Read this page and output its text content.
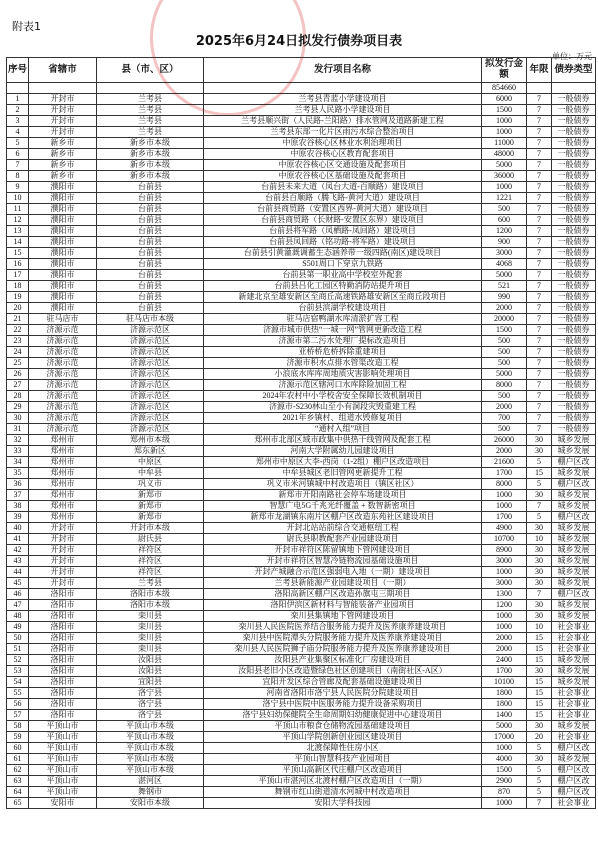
附表1
2025年6月24日拟发行债券项目表
单位：万元
序号	省辖市	县（市、区）	发行项目名称	拟发行金额	年限	债券类型
				854660		
1	开封市	兰考县	兰考县青蓝小学建设项目	6000	7	一般债券
2	开封市	兰考县	兰考县人民路小学建设项目	1500	7	一般债券
3	开封市	兰考县	兰考县顺兴街（人民路-兰阳路）排水管网及道路新建工程	1000	7	一般债券
4	开封市	兰考县	兰考县东部一化片区雨污水综合整治项目	1000	7	一般债券
5	新乡市	新乡市本级	中原农谷核心区林业水利治理项目	11000	7	一般债券
6	新乡市	新乡市本级	中原农谷核心区教育配套项目	48000	7	一般债券
7	新乡市	新乡市本级	中原农谷核心区交通设施及配套项目	5000	7	一般债券
8	新乡市	新乡市本级	中原农谷核心区基础设施及配套项目	36000	7	一般债券
9	濮阳市	台前县	台前县未来大道（凤台大道-百顺路）建设项目	1000	7	一般债券
10	濮阳市	台前县	台前县百顺路（腾飞路-黄河大道）建设项目	1221	7	一般债券
11	濮阳市	台前县	台前县商贸路（安置区西界-黄河大道）建设项目	500	7	一般债券
12	濮阳市	台前县	台前县商贸路（长财路-安置区东界）建设项目	600	7	一般债券
13	濮阳市	台前县	台前县将军路（凤栖路-凤回路）建设项目	1200	7	一般债券
14	濮阳市	台前县	台前县凤回路（铭功路-将军路）建设项目	900	7	一般债券
15	濮阳市	台前县	台前县引黄灌溉调蓄生态涵养带一级四路(南区)建设项目	3000	7	一般债券
16	濮阳市	台前县	S501周口下穿京九铁路	4068	7	一般债券
17	濮阳市	台前县	台前县第一职业高中学校室外配套	5000	7	一般债券
18	濮阳市	台前县	台前县吕化工园区特勤消防站提升项目	521	7	一般债券
19	濮阳市	台前县	新建北京至雄安新区至商丘高速铁路雄安新区至商丘段项目	990	7	一般债券
20	濮阳市	台前县	台前县滨湖学校建设项目	2000	7	一般债券
21	驻马店市	驻马店市本级	驻马店宿鸭湖水库清淤扩容工程	20000	7	一般债券
22	济源示范	济源示范区	济源市城市供热“一城一网”管网更新改造工程	1500	7	一般债券
23	济源示范	济源示范区	济源市第二污水处理厂提标改造项目	500	7	一般债券
24	济源示范	济源示范区	亚桥桥危桥拆除重建项目	500	7	一般债券
25	济源示范	济源示范区	济源市积水点排水管渠改造工程	500	7	一般债券
26	济源示范	济源示范区	小浪底水库库周地质灾害影响处理项目	5000	7	一般债券
27	济源示范	济源示范区	济源示范区辖河口水库除险加固工程	8000	7	一般债券
28	济源示范	济源示范区	2024年农村中小学校舍安全保障长效机制项目	500	7	一般债券
29	济源示范	济源示范区	济源市-S230林山至小有洞段灾毁重建工程	2000	7	一般债券
30	济源示范	济源示范区	2021年乡镇村、组道水毁修复项目	700	7	一般债券
31	济源示范	济源示范区	“通村入组”项目	500	7	一般债券
32	郑州市	郑州市本级	郑州市北部区域市政集中供热干线管网及配套工程	26000	30	城乡发展
33	郑州市	郑东新区	河南大学附属幼儿园建设项目	2000	30	城乡发展
34	郑州市	中原区	郑州市中原区大李-西岗（1-2组）棚户区改造项目	21600	5	棚户区改
35	郑州市	中牟县	中牟县城区老旧管网更新提升工程	1700	15	城乡发展
36	郑州市	巩义市	巩义市米河镇城中村改造项目（镇区社区）	8000	5	棚户区改
37	郑州市	新郑市	新郑市开阳南路社会停车场建设项目	1000	30	城乡发展
38	郑州市	新郑市	智慧广电5G千兆光纤覆盖 + 数智新密项目	1000	7	城乡发展
39	郑州市	新郑市	新郑市龙湖镇东南片区棚户区改造东苑社区建设项目	1700	5	棚户区改
40	开封市	开封市本级	开封北站站前综合交通枢纽工程	4900	30	城乡发展
41	开封市	尉氏县	尉氏县职教配套产业园建设项目	10700	10	城乡发展
42	开封市	祥符区	开封市祥符区陈留镇地下管网建设项目	8900	30	城乡发展
43	开封市	祥符区	开封市祥符区智慧冷链物流园基础设施项目	3000	30	城乡发展
44	开封市	祥符区	开封产城融合示范区强弱电入地（一期）建设项目	1000	30	城乡发展
45	开封市	兰考县	兰考县新能源产业园建设项目（一期）	3000	30	城乡发展
46	洛阳市	洛阳市本级	洛阳高新区棚户区改造孙旗屯三期项目	1300	7	棚户区改
47	洛阳市	洛阳市本级	洛阳伊滨区新材料与智能装备产业园项目	1200	30	城乡发展
48	洛阳市	栾川县	栾川县集镇地下管网建设项目	1000	30	城乡发展
49	洛阳市	栾川县	栾川县人民医院医养结合服务能力提升及医养康养建设项目	1000	10	社会事业
50	洛阳市	栾川县	栾川县中医院潭头分院服务能力提升及医养康养建设项目	2000	15	社会事业
51	洛阳市	栾川县	栾川县人民医院狮子庙分院服务能力提升及医养康养建设项目	2000	15	社会事业
52	洛阳市	汝阳县	汝阳县产业集聚区标准化厂房建设项目	2400	15	城乡发展
53	洛阳市	汝阳县	汝阳县老旧小区改造暨绿色社区创建项目（南街社区-A区）	1700	30	城乡发展
54	洛阳市	宜阳县	宜阳开发区综合管廊及配套基础设施建设项目	10100	15	城乡发展
55	洛阳市	洛宁县	河南省洛阳市洛宁县人民医院分院建设项目	1800	15	社会事业
56	洛阳市	洛宁县	洛宁县中医院中医服务能力提升设备采购项目	1800	15	社会事业
57	洛阳市	洛宁县	洛宁县妇幼保健院全生命周期妇幼健康促进中心建设项目	1400	15	社会事业
58	平顶山市	平顶山市本级	平顶山市粮食仓储物流园基础建设项目	5000	30	城乡发展
59	平顶山市	平顶山市本级	平顶山学院创新创业园区建设项目	17000	20	社会事业
60	平顶山市	平顶山市本级	北渡保障性住房小区	1000	5	棚户区改
61	平顶山市	平顶山市本级	平顶山智慧科技产业园项目	4000	30	城乡发展
62	平顶山市	平顶山市本级	平顶山高新区代庄棚户区改造项目	1500	5	棚户区改
63	平顶山市	湛河区	平顶山市湛河区北渡村棚户区改造项目（一期）	2900	5	棚户区改
64	平顶山市	舞钢市	舞钢市红山街道清水河城中村改造项目	870	5	棚户区改
65	安阳市	安阳市本级	安阳大学科技园	1000	7	社会事业
